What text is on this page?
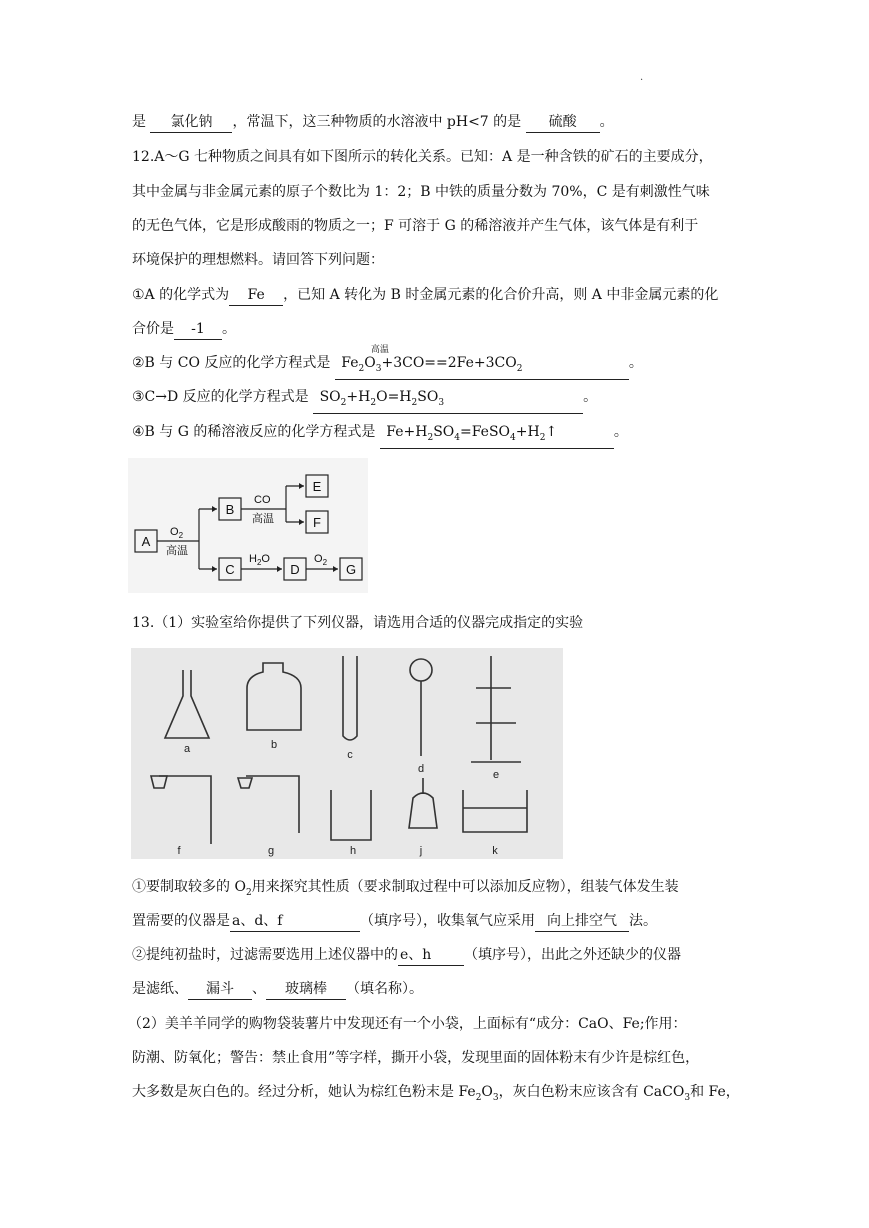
.
是 氯化钠 ，常温下，这三种物质的水溶液中 pH<7 的是 硫酸 。
12.A～G 七种物质之间具有如下图所示的转化关系。已知：A 是一种含铁的矿石的主要成分，
其中金属与非金属元素的原子个数比为 1：2；B 中铁的质量分数为 70%，C 是有刺激性气味
的无色气体，它是形成酸雨的物质之一；F 可溶于 G 的稀溶液并产生气体，该气体是有利于
环境保护的理想燃料。请回答下列问题：
①A 的化学式为 Fe ，已知 A 转化为 B 时金属元素的化合价升高，则 A 中非金属元素的化
合价是 -1 。
②B 与 CO 反应的化学方程式是
高温
$Fe_2O_3+3CO==2Fe+3CO_2$	。
③C→D 反应的化学方程式是  $SO_2+H_2O=H_2SO_3$	。
④B 与 G 的稀溶液反应的化学方程式是  $Fe+H_2SO_4=FeSO_4+H_2↑$	。
A
B
C	D
E
F
G
$O_2$
高温
CO
高温
$H_2O$	$O_2$
13.（1）实验室给你提供了下列仪器，请选用合适的仪器完成指定的实验
a	b
c
d	e
f	g	h	j	k
①要制取较多的 $O_2$用来探究其性质（要求制取过程中可以添加反应物），组装气体发生装
置需要的仪器是 a、d、f	（填序号），收集氧气应采用 向上排空气 法。
②提纯初盐时，过滤需要选用上述仪器中的 e、h （填序号），出此之外还缺少的仪器
是滤纸、 漏斗 、 玻璃棒 （填名称）。
（2）美羊羊同学的购物袋装薯片中发现还有一个小袋，上面标有“成分：CaO、Fe;作用：
防潮、防氧化；警告：禁止食用”等字样，撕开小袋，发现里面的固体粉末有少许是棕红色，
大多数是灰白色的。经过分析，她认为棕红色粉末是 $Fe_2O_3$，灰白色粉末应该含有 CaCO$_3$和 Fe，
